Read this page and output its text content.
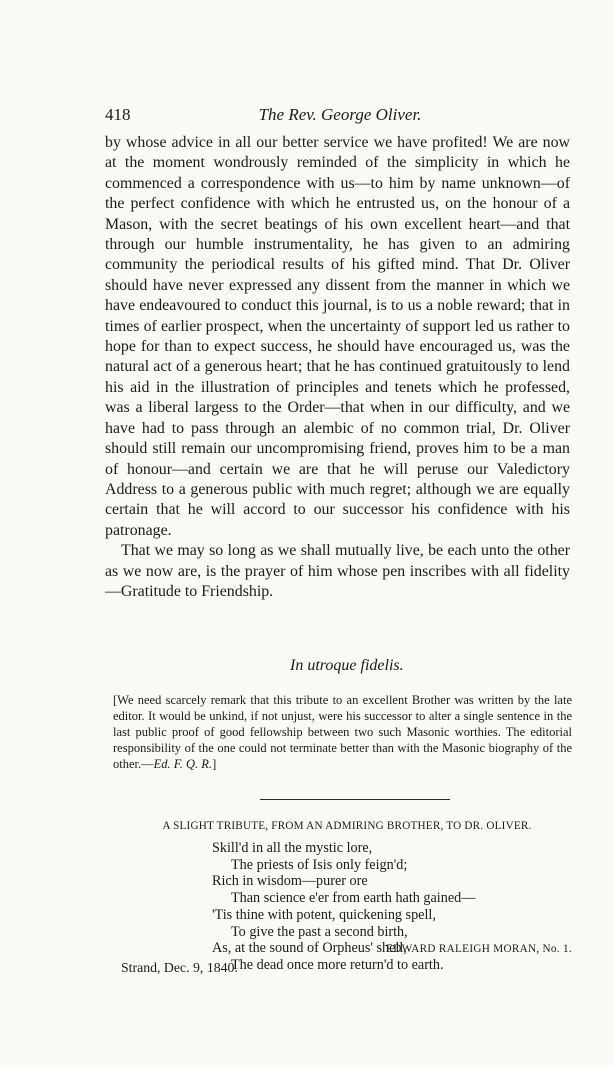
418	The Rev. George Oliver.

by whose advice in all our better service we have profited! We are now at the moment wondrously reminded of the simplicity in which he commenced a correspondence with us—to him by name unknown—of the perfect confidence with which he entrusted us, on the honour of a Mason, with the secret beatings of his own excellent heart—and that through our humble instrumentality, he has given to an admiring community the periodical results of his gifted mind. That Dr. Oliver should have never expressed any dissent from the manner in which we have endeavoured to conduct this journal, is to us a noble reward; that in times of earlier prospect, when the uncertainty of support led us rather to hope for than to expect success, he should have encouraged us, was the natural act of a generous heart; that he has continued gratuitously to lend his aid in the illustration of principles and tenets which he professed, was a liberal largess to the Order—that when in our difficulty, and we have had to pass through an alembic of no common trial, Dr. Oliver should still remain our uncompromising friend, proves him to be a man of honour—and certain we are that he will peruse our Valedictory Address to a generous public with much regret; although we are equally certain that he will accord to our successor his confidence with his patronage.

That we may so long as we shall mutually live, be each unto the other as we now are, is the prayer of him whose pen inscribes with all fidelity—Gratitude to Friendship.

In utroque fidelis.
[We need scarcely remark that this tribute to an excellent Brother was written by the late editor. It would be unkind, if not unjust, were his successor to alter a single sentence in the last public proof of good fellowship between two such Masonic worthies. The editorial responsibility of the one could not terminate better than with the Masonic biography of the other.—Ed. F. Q. R.]
A SLIGHT TRIBUTE, FROM AN ADMIRING BROTHER, TO DR. OLIVER.
Skill'd in all the mystic lore,
The priests of Isis only feign'd;
Rich in wisdom—purer ore
Than science e'er from earth hath gained—
'Tis thine with potent, quickening spell,
To give the past a second birth,
As, at the sound of Orpheus' shell,
The dead once more return'd to earth.
EDWARD RALEIGH MORAN, No. 1.
Strand, Dec. 9, 1840.
